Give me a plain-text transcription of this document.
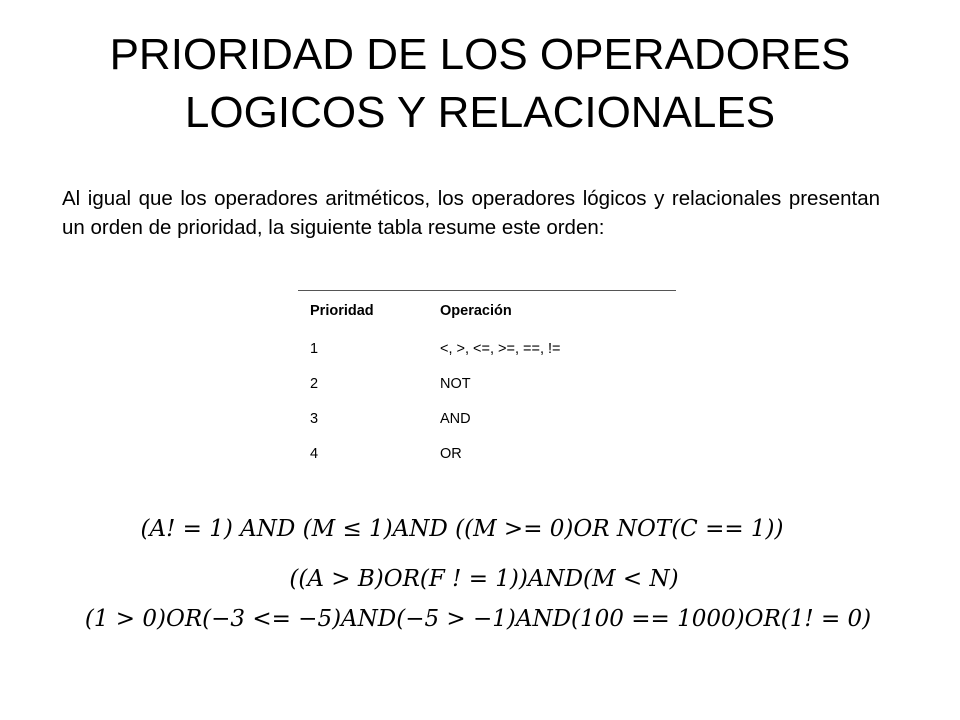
PRIORIDAD DE LOS OPERADORES
LOGICOS Y RELACIONALES

Al igual que los operadores aritméticos, los operadores lógicos y relacionales presentan un orden de prioridad, la siguiente tabla resume este orden:

Prioridad	Operación
1	<, >, <=, >=, ==, !=
2	NOT
3	AND
4	OR
(A! = 1) AND (M ≤ 1)AND ((M >= 0)OR NOT(C == 1))
((A > B)OR(F ! = 1))AND(M < N)
(1 > 0)OR(−3 <= −5)AND(−5 > −1)AND(100 == 1000)OR(1! = 0)
